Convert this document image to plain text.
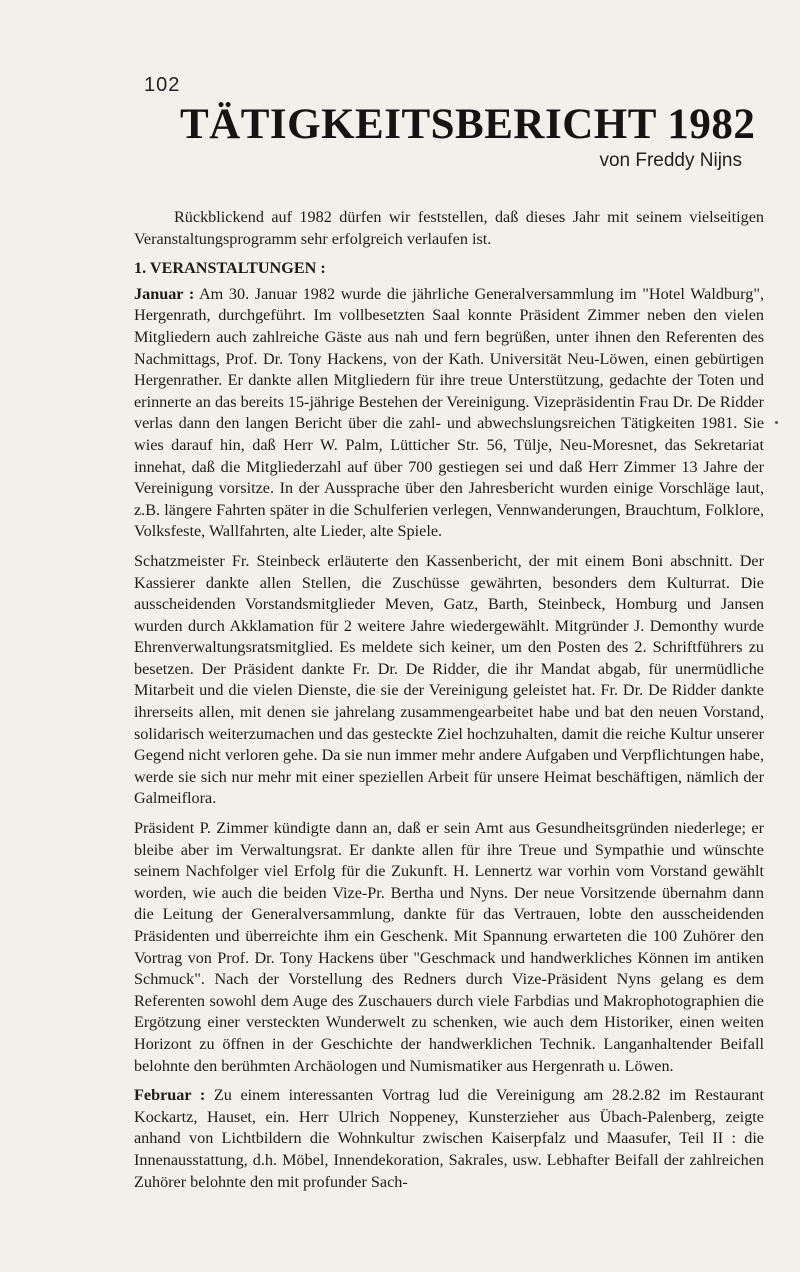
102
TÄTIGKEITSBERICHT 1982
von Freddy Nijns

Rückblickend auf 1982 dürfen wir feststellen, daß dieses Jahr mit seinem vielseitigen Veranstaltungsprogramm sehr erfolgreich verlaufen ist.

1. VERANSTALTUNGEN :

Januar : Am 30. Januar 1982 wurde die jährliche Generalversammlung im "Hotel Waldburg", Hergenrath, durchgeführt. Im vollbesetzten Saal konnte Präsident Zimmer neben den vielen Mitgliedern auch zahlreiche Gäste aus nah und fern begrüßen, unter ihnen den Referenten des Nachmittags, Prof. Dr. Tony Hackens, von der Kath. Universität Neu-Löwen, einen gebürtigen Hergenrather. Er dankte allen Mitgliedern für ihre treue Unterstützung, gedachte der Toten und erinnerte an das bereits 15-jährige Bestehen der Vereinigung. Vizepräsidentin Frau Dr. De Ridder verlas dann den langen Bericht über die zahl- und abwechslungsreichen Tätigkeiten 1981. Sie wies darauf hin, daß Herr W. Palm, Lütticher Str. 56, Tülje, Neu-Moresnet, das Sekretariat innehat, daß die Mitgliederzahl auf über 700 gestiegen sei und daß Herr Zimmer 13 Jahre der Vereinigung vorsitze. In der Aussprache über den Jahresbericht wurden einige Vorschläge laut, z.B. längere Fahrten später in die Schulferien verlegen, Vennwanderungen, Brauchtum, Folklore, Volksfeste, Wallfahrten, alte Lieder, alte Spiele.

Schatzmeister Fr. Steinbeck erläuterte den Kassenbericht, der mit einem Boni abschnitt. Der Kassierer dankte allen Stellen, die Zuschüsse gewährten, besonders dem Kulturrat. Die ausscheidenden Vorstandsmitglieder Meven, Gatz, Barth, Steinbeck, Homburg und Jansen wurden durch Akklamation für 2 weitere Jahre wiedergewählt. Mitgründer J. Demonthy wurde Ehrenverwaltungsratsmitglied. Es meldete sich keiner, um den Posten des 2. Schriftführers zu besetzen. Der Präsident dankte Fr. Dr. De Ridder, die ihr Mandat abgab, für unermüdliche Mitarbeit und die vielen Dienste, die sie der Vereinigung geleistet hat. Fr. Dr. De Ridder dankte ihrerseits allen, mit denen sie jahrelang zusammengearbeitet habe und bat den neuen Vorstand, solidarisch weiterzumachen und das gesteckte Ziel hochzuhalten, damit die reiche Kultur unserer Gegend nicht verloren gehe. Da sie nun immer mehr andere Aufgaben und Verpflichtungen habe, werde sie sich nur mehr mit einer speziellen Arbeit für unsere Heimat beschäftigen, nämlich der Galmeiflora.

Präsident P. Zimmer kündigte dann an, daß er sein Amt aus Gesundheitsgründen niederlege; er bleibe aber im Verwaltungsrat. Er dankte allen für ihre Treue und Sympathie und wünschte seinem Nachfolger viel Erfolg für die Zukunft. H. Lennertz war vorhin vom Vorstand gewählt worden, wie auch die beiden Vize-Pr. Bertha und Nyns. Der neue Vorsitzende übernahm dann die Leitung der Generalversammlung, dankte für das Vertrauen, lobte den ausscheidenden Präsidenten und überreichte ihm ein Geschenk. Mit Spannung erwarteten die 100 Zuhörer den Vortrag von Prof. Dr. Tony Hackens über "Geschmack und handwerkliches Können im antiken Schmuck". Nach der Vorstellung des Redners durch Vize-Präsident Nyns gelang es dem Referenten sowohl dem Auge des Zuschauers durch viele Farbdias und Makrophotographien die Ergötzung einer versteckten Wunderwelt zu schenken, wie auch dem Historiker, einen weiten Horizont zu öffnen in der Geschichte der handwerklichen Technik. Langanhaltender Beifall belohnte den berühmten Archäologen und Numismatiker aus Hergenrath u. Löwen.

Februar : Zu einem interessanten Vortrag lud die Vereinigung am 28.2.82 im Restaurant Kockartz, Hauset, ein. Herr Ulrich Noppeney, Kunsterzieher aus Übach-Palenberg, zeigte anhand von Lichtbildern die Wohnkultur zwischen Kaiserpfalz und Maasufer, Teil II : die Innenausstattung, d.h. Möbel, Innendekoration, Sakrales, usw. Lebhafter Beifall der zahlreichen Zuhörer belohnte den mit profunder Sach-
